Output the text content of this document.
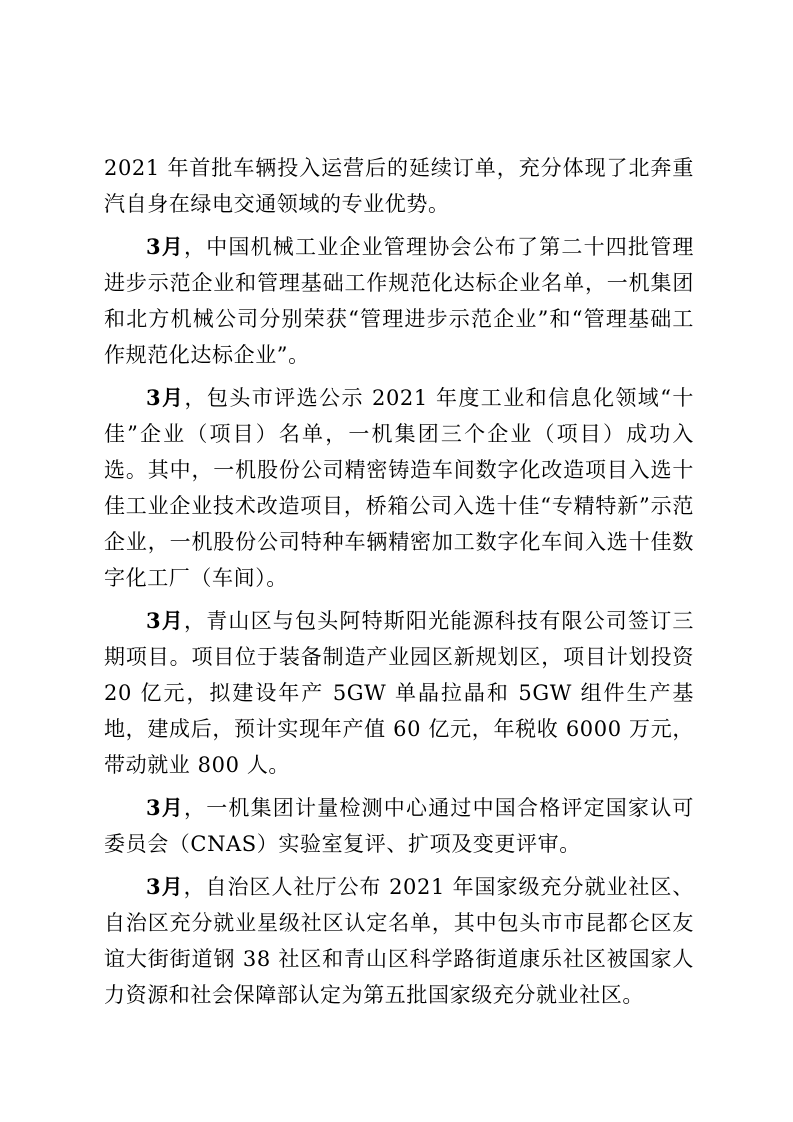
2021 年首批车辆投入运营后的延续订单，充分体现了北奔重汽自身在绿电交通领域的专业优势。

3月，中国机械工业企业管理协会公布了第二十四批管理进步示范企业和管理基础工作规范化达标企业名单，一机集团和北方机械公司分别荣获“管理进步示范企业”和“管理基础工作规范化达标企业”。

3月，包头市评选公示 2021 年度工业和信息化领域“十佳”企业（项目）名单，一机集团三个企业（项目）成功入选。其中，一机股份公司精密铸造车间数字化改造项目入选十佳工业企业技术改造项目，桥箱公司入选十佳“专精特新”示范企业，一机股份公司特种车辆精密加工数字化车间入选十佳数字化工厂（车间）。

3月，青山区与包头阿特斯阳光能源科技有限公司签订三期项目。项目位于装备制造产业园区新规划区，项目计划投资 20 亿元，拟建设年产 5GW 单晶拉晶和 5GW 组件生产基地，建成后，预计实现年产值 60 亿元，年税收 6000 万元，带动就业 800 人。

3月，一机集团计量检测中心通过中国合格评定国家认可委员会（CNAS）实验室复评、扩项及变更评审。

3月，自治区人社厅公布 2021 年国家级充分就业社区、自治区充分就业星级社区认定名单，其中包头市市昆都仑区友谊大街街道钢 38 社区和青山区科学路街道康乐社区被国家人力资源和社会保障部认定为第五批国家级充分就业社区。
